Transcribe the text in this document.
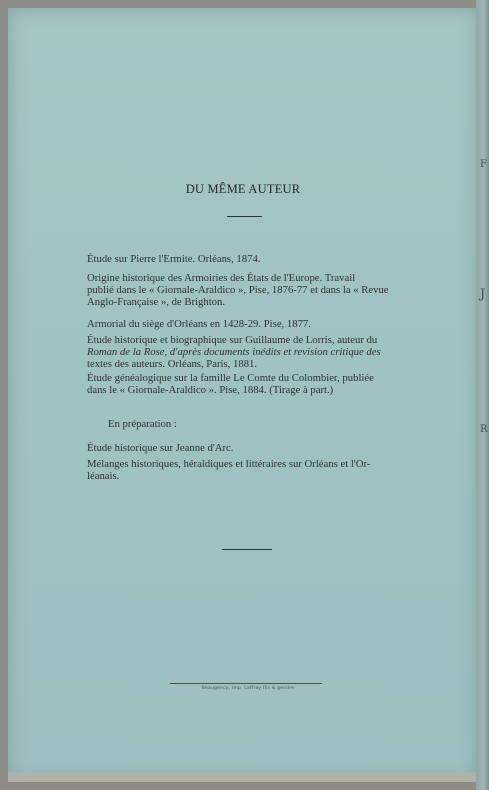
F
J
R
DU MÊME AUTEUR
Étude sur Pierre l'Ermite. Orléans, 1874.
Origine historique des Armoiries des États de l'Europe. Travail
publié dans le « Giornale-Araldico », Pise, 1876-77 et dans la « Revue
Anglo-Française », de Brighton.
Armorial du siège d'Orléans en 1428-29. Pise, 1877.
Étude historique et biographique sur Guillaume de Lorris, auteur du
Roman de la Rose, d'après documents inédits et revision critique des
textes des auteurs. Orléans, Paris, 1881.
Étude généalogique sur la famille Le Comte du Colombier, publiée
dans le « Giornale-Araldico ». Pise, 1884. (Tirage à part.)
En préparation :
Étude historique sur Jeanne d'Arc.
Mélanges historiques, héraldiques et littéraires sur Orléans et l'Or-
léanais.
Beaugency, imp. Laffray fils & gendre
